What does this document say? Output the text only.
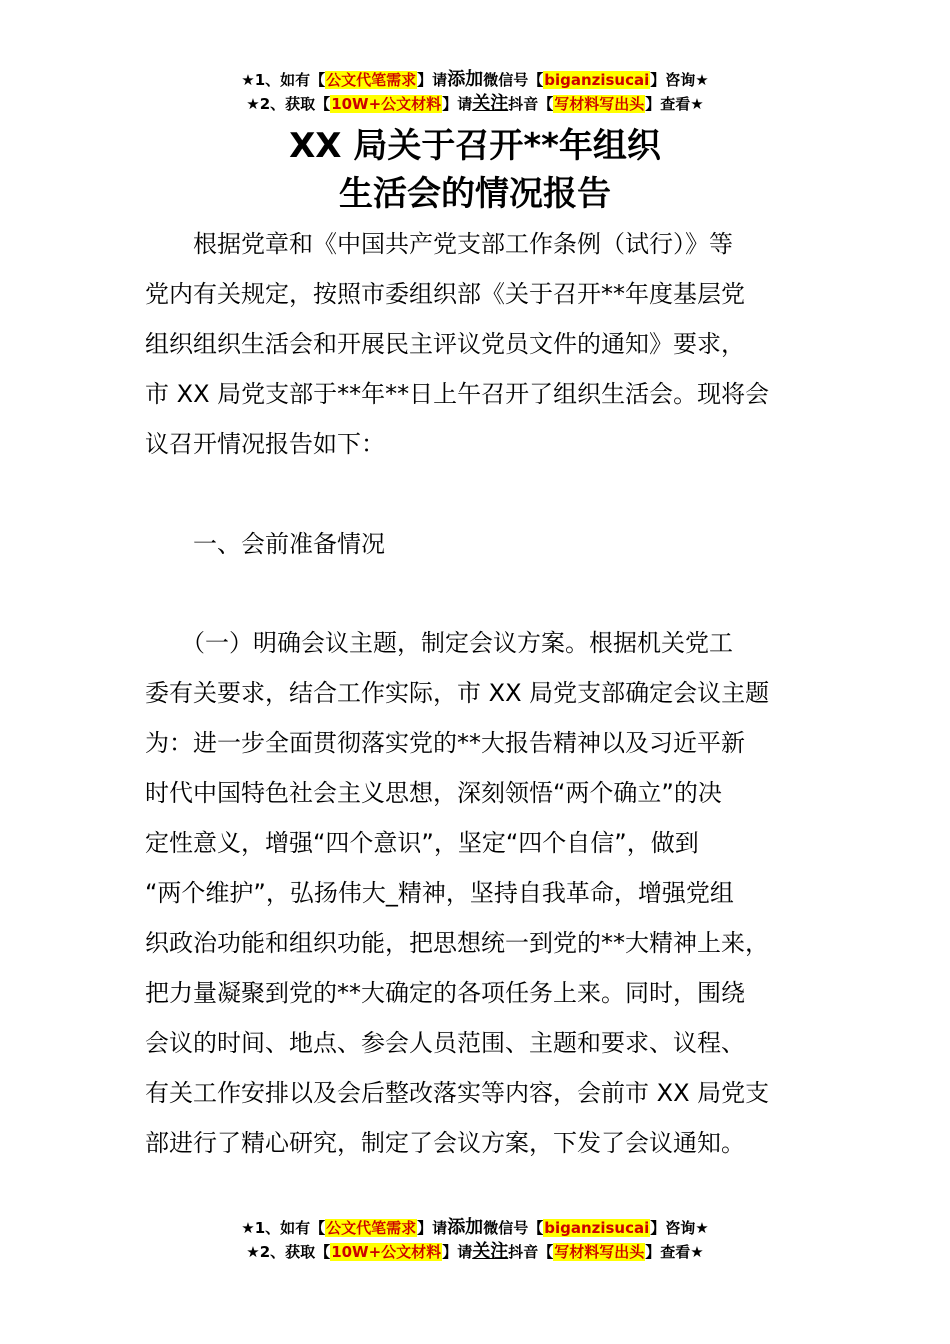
★1、如有【公文代笔需求】请添加微信号【biganzisucai】咨询★
★2、获取【10W+公文材料】请关注抖音【写材料写出头】查看★
XX 局关于召开**年组织
生活会的情况报告
　　根据党章和《中国共产党支部工作条例（试行）》等
党内有关规定，按照市委组织部《关于召开**年度基层党
组织组织生活会和开展民主评议党员文件的通知》要求，
市 XX 局党支部于**年**日上午召开了组织生活会。现将会
议召开情况报告如下：
　　一、会前准备情况
　　（一）明确会议主题，制定会议方案。根据机关党工
委有关要求，结合工作实际，市 XX 局党支部确定会议主题
为：进一步全面贯彻落实党的**大报告精神以及习近平新
时代中国特色社会主义思想，深刻领悟“两个确立”的决
定性意义，增强“四个意识”，坚定“四个自信”，做到
“两个维护”，弘扬伟大_精神，坚持自我革命，增强党组
织政治功能和组织功能，把思想统一到党的**大精神上来，
把力量凝聚到党的**大确定的各项任务上来。同时，围绕
会议的时间、地点、参会人员范围、主题和要求、议程、
有关工作安排以及会后整改落实等内容，会前市 XX 局党支
部进行了精心研究，制定了会议方案，下发了会议通知。
★1、如有【公文代笔需求】请添加微信号【biganzisucai】咨询★
★2、获取【10W+公文材料】请关注抖音【写材料写出头】查看★
